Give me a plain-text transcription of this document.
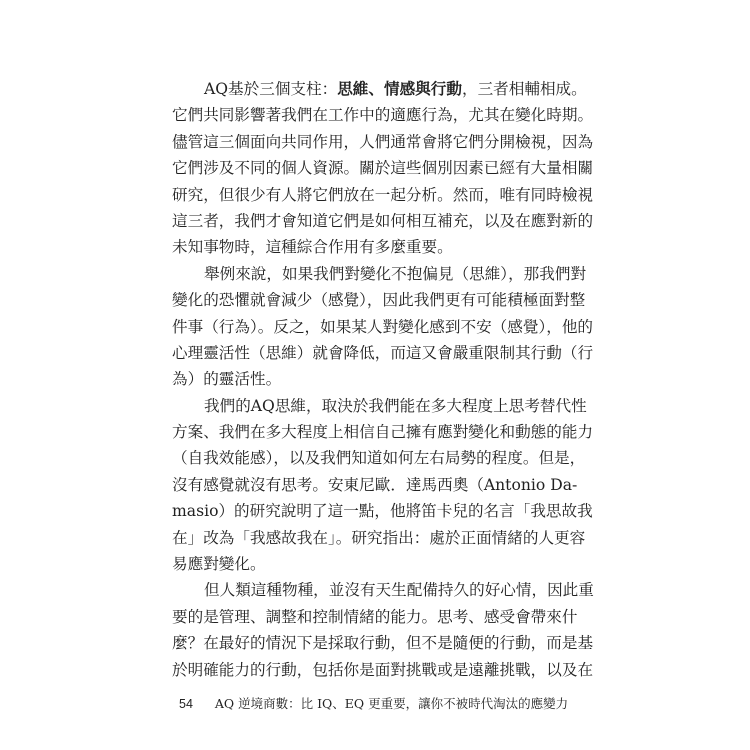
AQ基於三個支柱：思維、情感與行動，三者相輔相成。
它們共同影響著我們在工作中的適應行為，尤其在變化時期。
儘管這三個面向共同作用，人們通常會將它們分開檢視，因為
它們涉及不同的個人資源。關於這些個別因素已經有大量相關
研究，但很少有人將它們放在一起分析。然而，唯有同時檢視
這三者，我們才會知道它們是如何相互補充，以及在應對新的
未知事物時，這種綜合作用有多麼重要。
舉例來說，如果我們對變化不抱偏見（思維），那我們對
變化的恐懼就會減少（感覺），因此我們更有可能積極面對整
件事（行為）。反之，如果某人對變化感到不安（感覺），他的
心理靈活性（思維）就會降低，而這又會嚴重限制其行動（行
為）的靈活性。
我們的AQ思維，取決於我們能在多大程度上思考替代性
方案、我們在多大程度上相信自己擁有應對變化和動態的能力
（自我效能感），以及我們知道如何左右局勢的程度。但是，
沒有感覺就沒有思考。安東尼歐．達馬西奧（Antonio Da-
masio）的研究說明了這一點，他將笛卡兒的名言「我思故我
在」改為「我感故我在」。研究指出：處於正面情緒的人更容
易應對變化。
但人類這種物種，並沒有天生配備持久的好心情，因此重
要的是管理、調整和控制情緒的能力。思考、感受會帶來什
麼？在最好的情況下是採取行動，但不是隨便的行動，而是基
於明確能力的行動，包括你是面對挑戰或是遠離挑戰，以及在
54 AQ 逆境商數：比 IQ、EQ 更重要，讓你不被時代淘汰的應變力
